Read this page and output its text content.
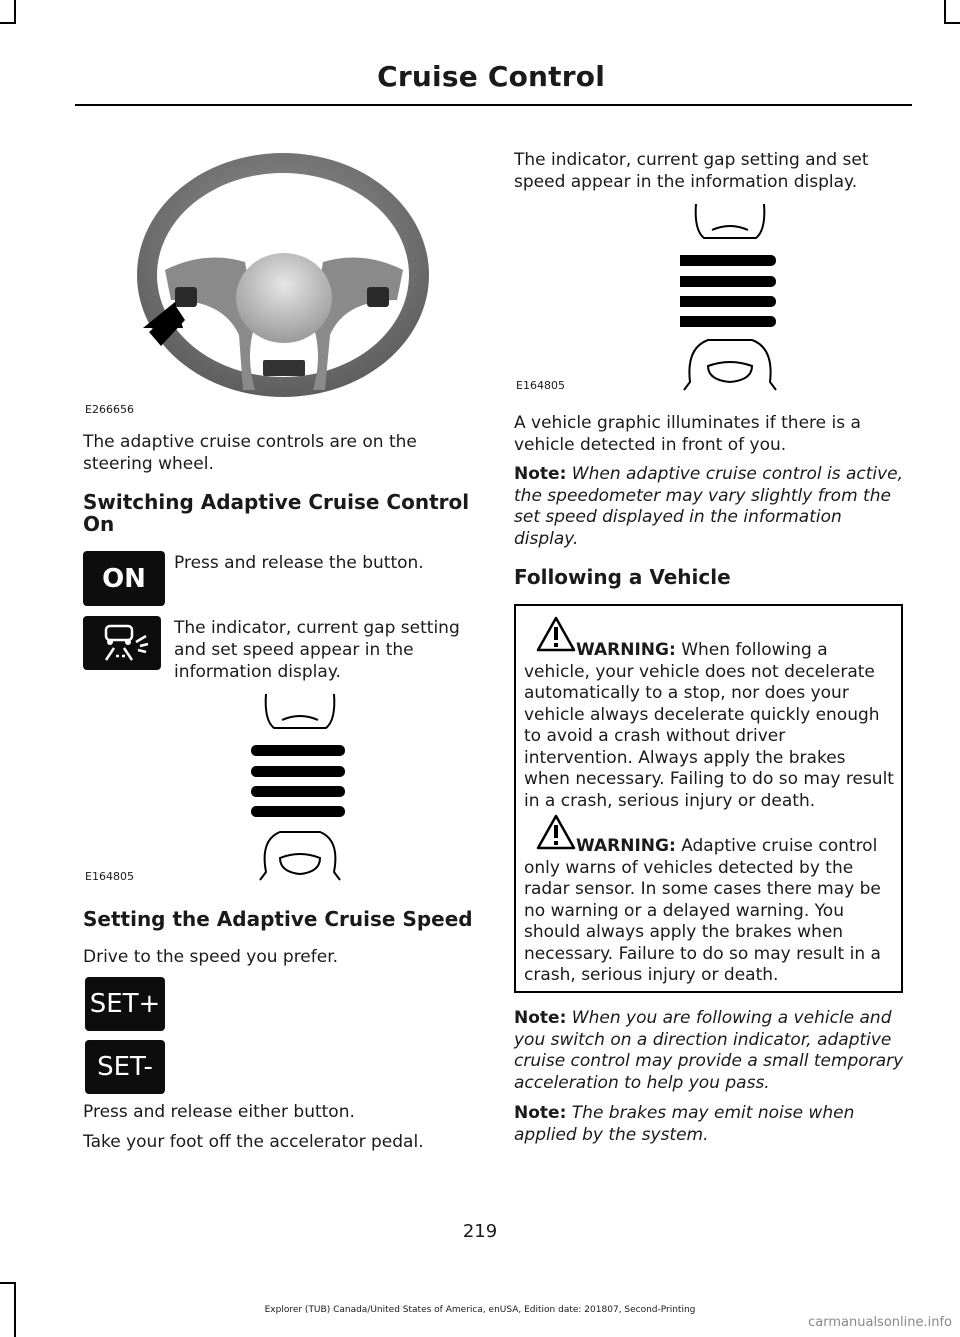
Cruise Control
E266656

The adaptive cruise controls are on the steering wheel.

Switching Adaptive Cruise Control On
ON
Press and release the button.
The indicator, current gap setting and set speed appear in the information display.
E164805
Setting the Adaptive Cruise Speed
Drive to the speed you prefer.
SET+
SET-
Press and release either button.
Take your foot off the accelerator pedal.
The indicator, current gap setting and set speed appear in the information display.
E164805
A vehicle graphic illuminates if there is a vehicle detected in front of you.
Note: When adaptive cruise control is active, the speedometer may vary slightly from the set speed displayed in the information display.
Following a Vehicle
WARNING: When following a vehicle, your vehicle does not decelerate automatically to a stop, nor does your vehicle always decelerate quickly enough to avoid a crash without driver intervention. Always apply the brakes when necessary. Failing to do so may result in a crash, serious injury or death.
WARNING: Adaptive cruise control only warns of vehicles detected by the radar sensor. In some cases there may be no warning or a delayed warning. You should always apply the brakes when necessary. Failure to do so may result in a crash, serious injury or death.
Note: When you are following a vehicle and you switch on a direction indicator, adaptive cruise control may provide a small temporary acceleration to help you pass.
Note: The brakes may emit noise when applied by the system.
219
Explorer (TUB) Canada/United States of America, enUSA, Edition date: 201807, Second-Printing
carmanualsonline.info
